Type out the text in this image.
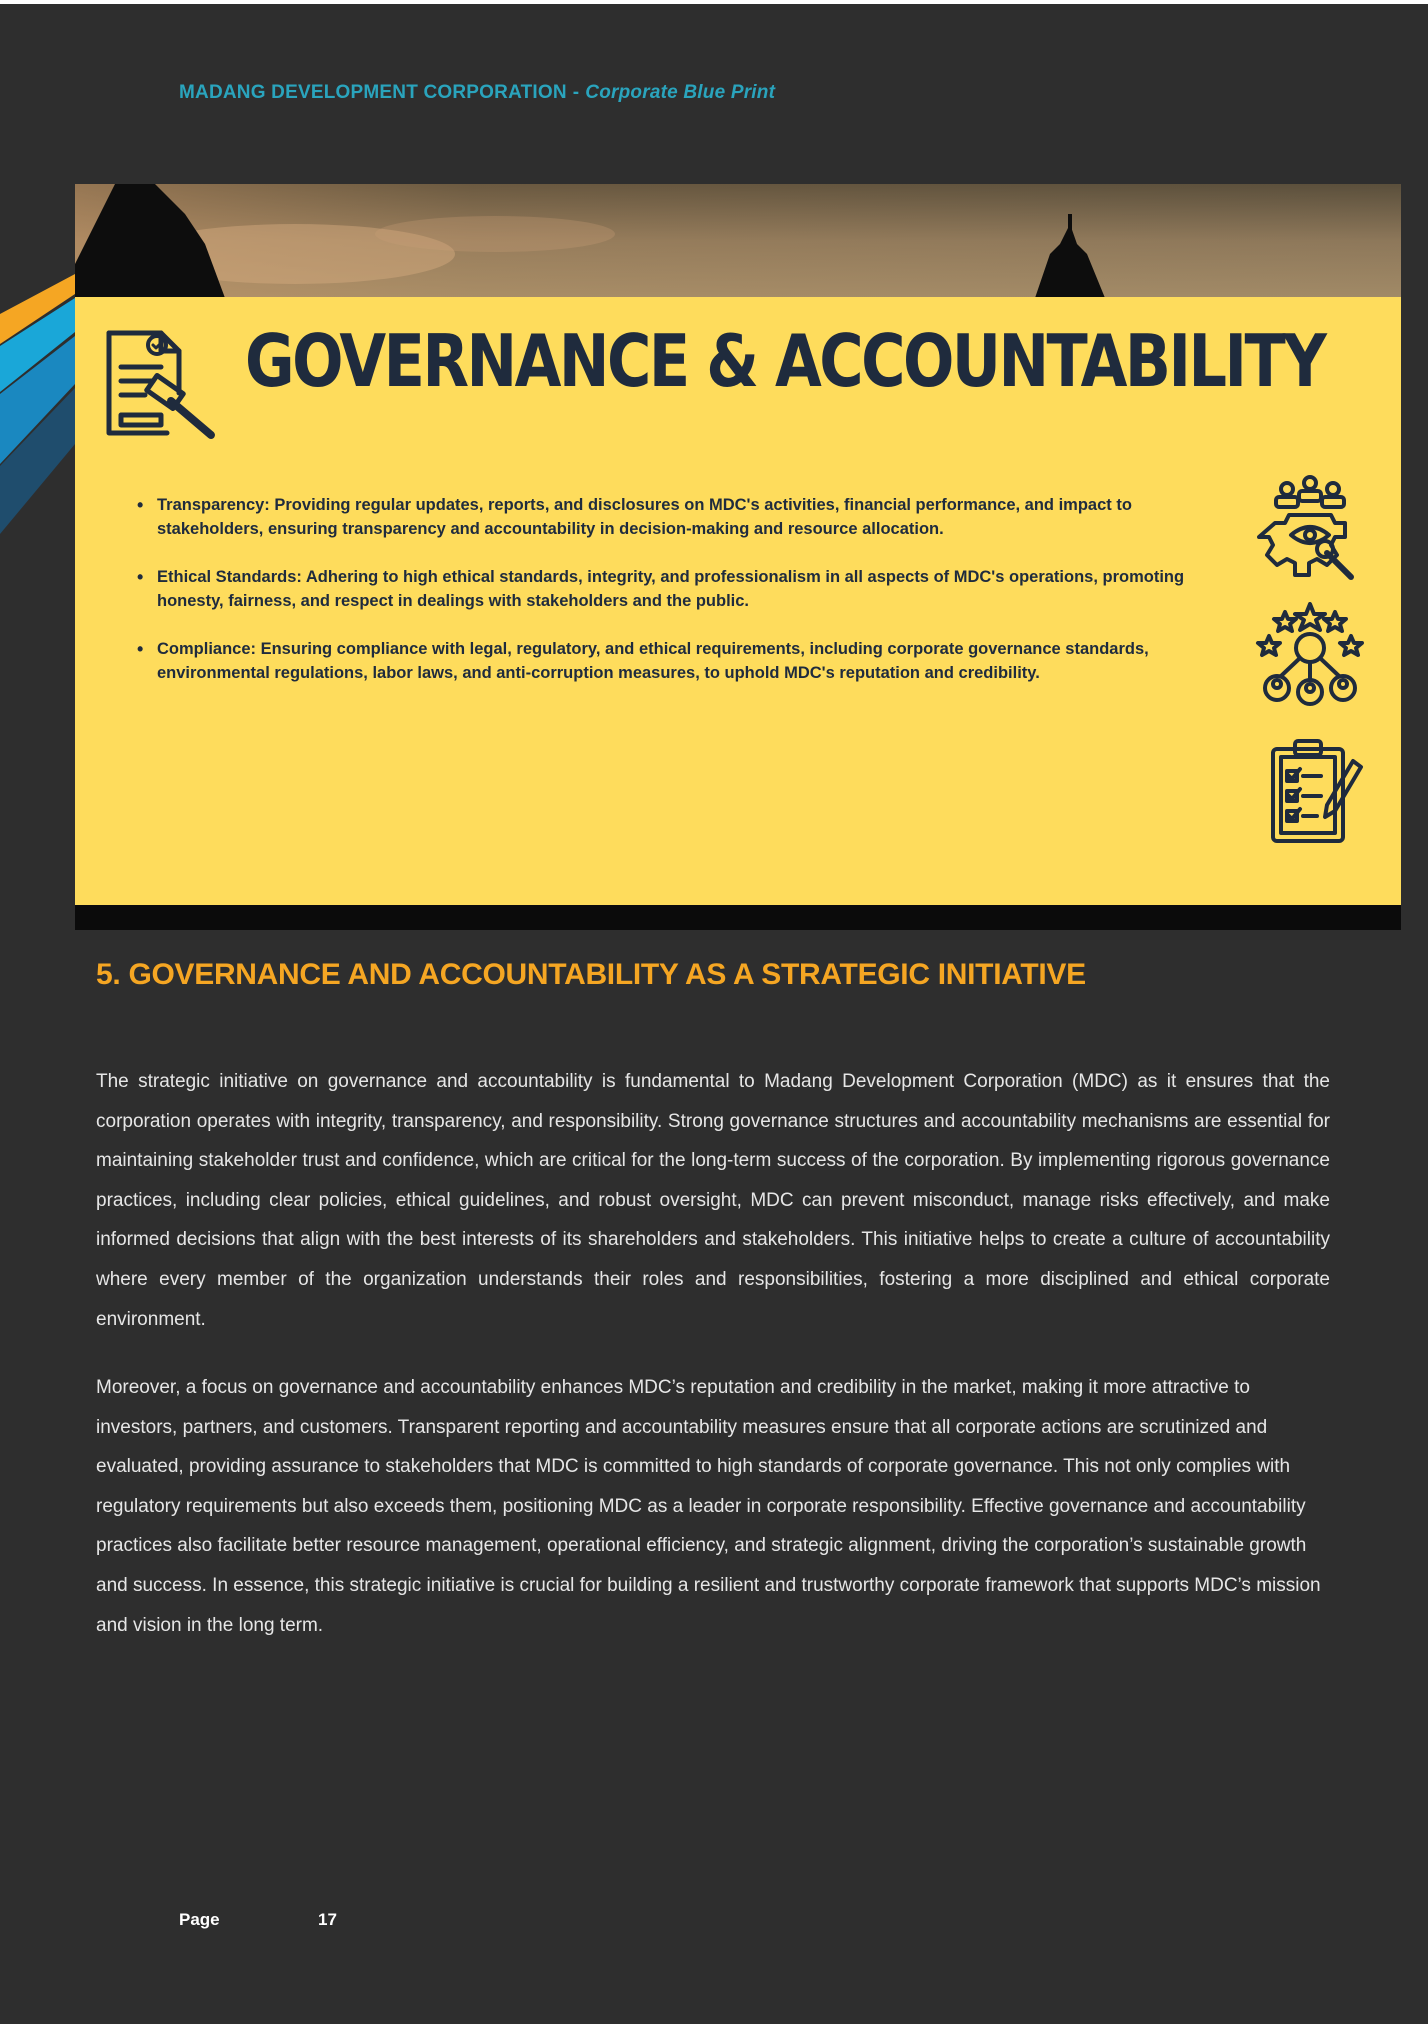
MADANG DEVELOPMENT CORPORATION - Corporate Blue Print
GOVERNANCE & ACCOUNTABILITY
• Transparency: Providing regular updates, reports, and disclosures on MDC's activities, financial performance, and impact to stakeholders, ensuring transparency and accountability in decision-making and resource allocation.
• Ethical Standards: Adhering to high ethical standards, integrity, and professionalism in all aspects of MDC's operations, promoting honesty, fairness, and respect in dealings with stakeholders and the public.
• Compliance: Ensuring compliance with legal, regulatory, and ethical requirements, including corporate governance standards, environmental regulations, labor laws, and anti-corruption measures, to uphold MDC's reputation and credibility.
5. GOVERNANCE AND ACCOUNTABILITY AS A STRATEGIC INITIATIVE

The strategic initiative on governance and accountability is fundamental to Madang Development Corporation (MDC) as it ensures that the corporation operates with integrity, transparency, and responsibility. Strong governance structures and accountability mechanisms are essential for maintaining stakeholder trust and confidence, which are critical for the long-term success of the corporation. By implementing rigorous governance practices, including clear policies, ethical guidelines, and robust oversight, MDC can prevent misconduct, manage risks effectively, and make informed decisions that align with the best interests of its shareholders and stakeholders. This initiative helps to create a culture of accountability where every member of the organization understands their roles and responsibilities, fostering a more disciplined and ethical corporate environment.

Moreover, a focus on governance and accountability enhances MDC’s reputation and credibility in the market, making it more attractive to investors, partners, and customers. Transparent reporting and accountability measures ensure that all corporate actions are scrutinized and evaluated, providing assurance to stakeholders that MDC is committed to high standards of corporate governance. This not only complies with regulatory requirements but also exceeds them, positioning MDC as a leader in corporate responsibility. Effective governance and accountability practices also facilitate better resource management, operational efficiency, and strategic alignment, driving the corporation’s sustainable growth and success. In essence, this strategic initiative is crucial for building a resilient and trustworthy corporate framework that supports MDC’s mission and vision in the long term.

Page	17
